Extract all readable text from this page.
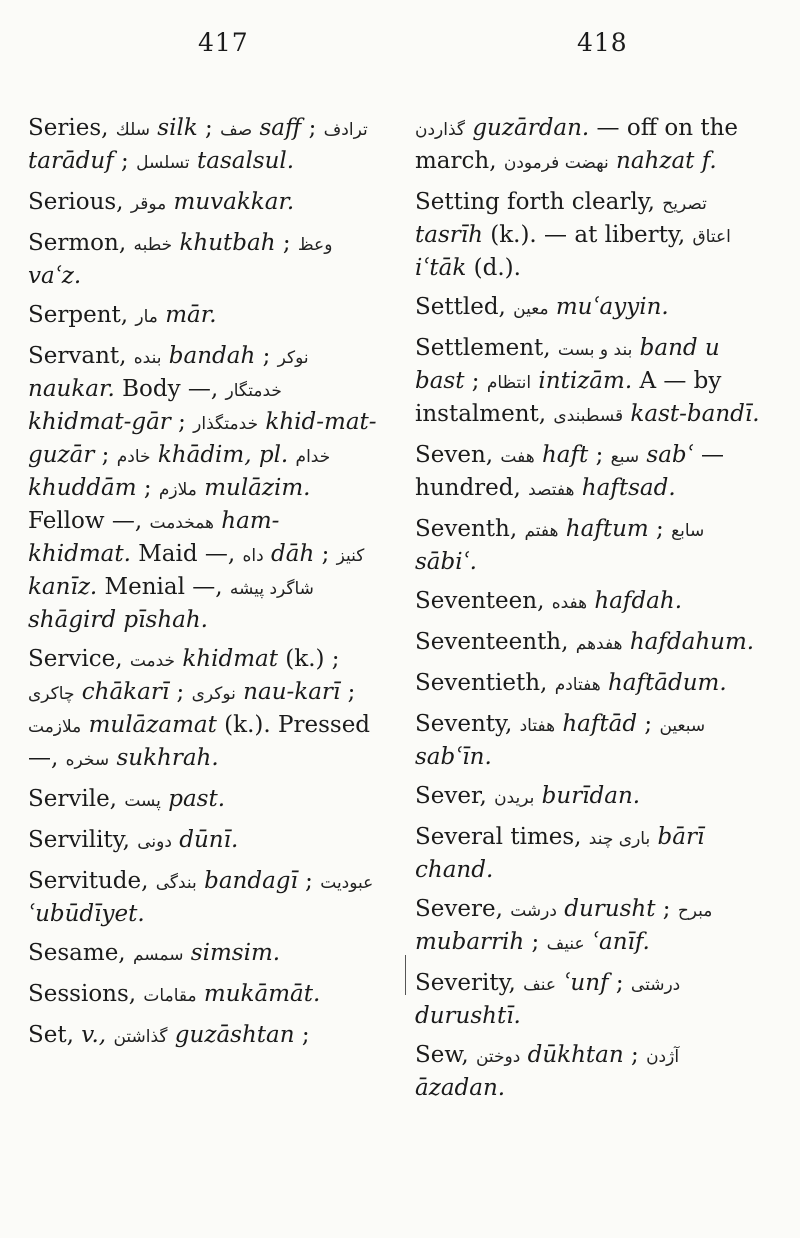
417	418
Series, سلك silk ; صف saff ; ترادف tarāduf ; تسلسل tasalsul.
Serious, موقر muvakkar.
Sermon, خطبه khutbah ; وعظ vaʿz.
Serpent, مار mār.
Servant, بنده bandah ; نوکر naukar. Body —, خدمتگار khidmat-gār ; خدمتگذار khid-mat-guzār ; خادم khādim, pl. خدام khuddām ; ملازم mulāzim. Fellow —, همخدمت ham-khidmat. Maid —, داه dāh ; کنیز kanīz. Menial —, شاگرد پیشه shāgird pīshah.
Service, خدمت khidmat (k.) ; چاکری chākarī ; نوکری nau-karī ; ملازمت mulāzamat (k.). Pressed —, سخره sukhrah.
Servile, پست past.
Servility, دونی dūnī.
Servitude, بندگی bandagī ; عبودیت ʿubūdīyet.
Sesame, سمسم simsim.
Sessions, مقامات mukāmāt.
Set, v., گذاشتن guzāshtan ;
گذاردن guzārdan. — off on the march, نهضت فرمودن nahzat f.
Setting forth clearly, تصریح tasrīh (k.). — at liberty, اعتاق iʿtāk (d.).
Settled, معین muʿayyin.
Settlement, بند و بست band u bast ; انتظام intizām. A — by instalment, قسطبندی kast-bandī.
Seven, هفت haft ; سبع sabʿ — hundred, هفتصد haftsad.
Seventh, هفتم haftum ; سابع sābiʿ.
Seventeen, هفده hafdah.
Seventeenth, هفدهم hafdahum.
Seventieth, هفتادم haftādum.
Seventy, هفتاد haftād ; سبعین sabʿīn.
Sever, بریدن burīdan.
Several times, باری چند bārī chand.
Severe, درشت durusht ; مبرح mubarrih ; عنیف ʿanīf.
Severity, عنف ʿunf ; درشتی durushtī.
Sew, دوختن dūkhtan ; آژدن āzadan.
